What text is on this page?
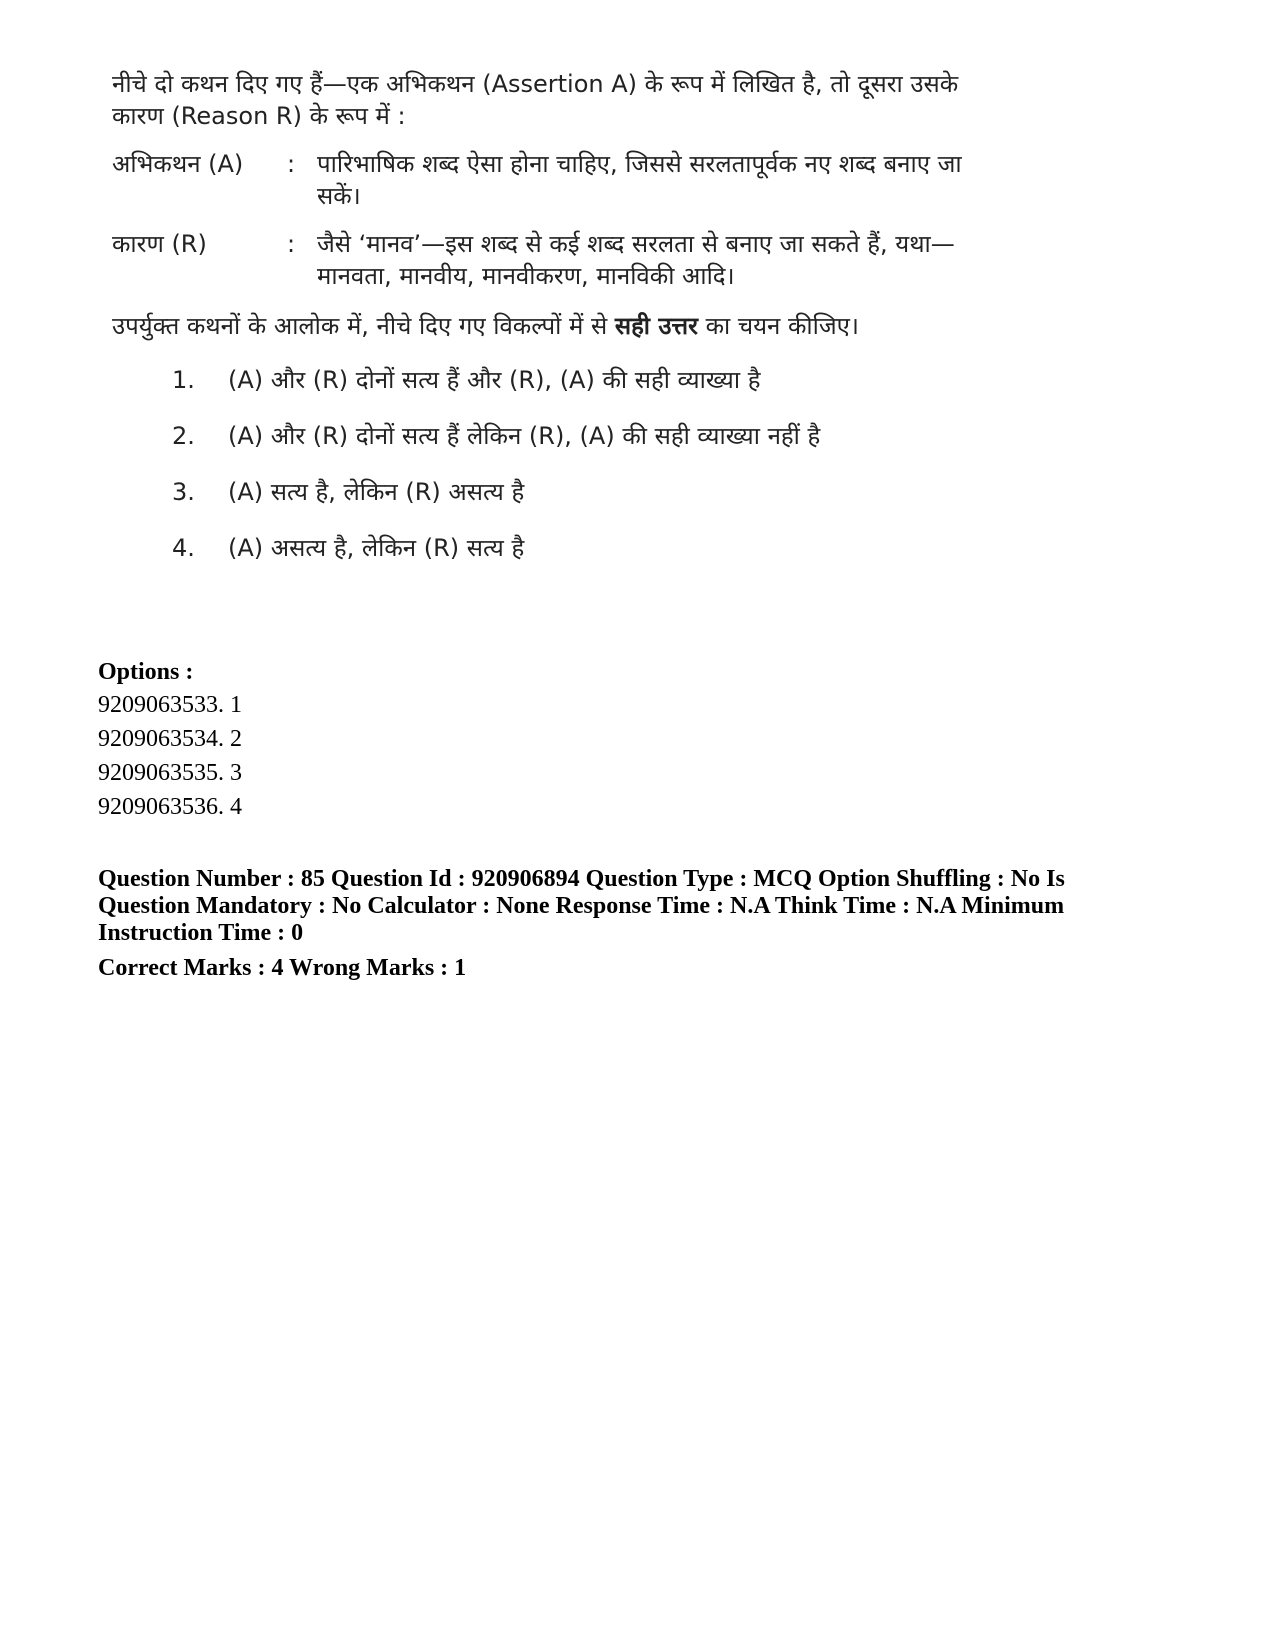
नीचे दो कथन दिए गए हैं—एक अभिकथन (Assertion A) के रूप में लिखित है, तो दूसरा उसके कारण (Reason R) के रूप में :

अभिकथन (A)	: पारिभाषिक शब्द ऐसा होना चाहिए, जिससे सरलतापूर्वक नए शब्द बनाए जा सकें।
कारण (R)	: जैसे ‘मानव’—इस शब्द से कई शब्द सरलता से बनाए जा सकते हैं, यथा— मानवता, मानवीय, मानवीकरण, मानविकी आदि।
उपर्युक्त कथनों के आलोक में, नीचे दिए गए विकल्पों में से सही उत्तर का चयन कीजिए।
1.	(A) और (R) दोनों सत्य हैं और (R), (A) की सही व्याख्या है
2.	(A) और (R) दोनों सत्य हैं लेकिन (R), (A) की सही व्याख्या नहीं है
3.	(A) सत्य है, लेकिन (R) असत्य है
4.	(A) असत्य है, लेकिन (R) सत्य है
Options :
9209063533. 1
9209063534. 2
9209063535. 3
9209063536. 4
Question Number : 85 Question Id : 920906894 Question Type : MCQ Option Shuffling : No Is Question Mandatory : No Calculator : None Response Time : N.A Think Time : N.A Minimum Instruction Time : 0
Correct Marks : 4 Wrong Marks : 1
